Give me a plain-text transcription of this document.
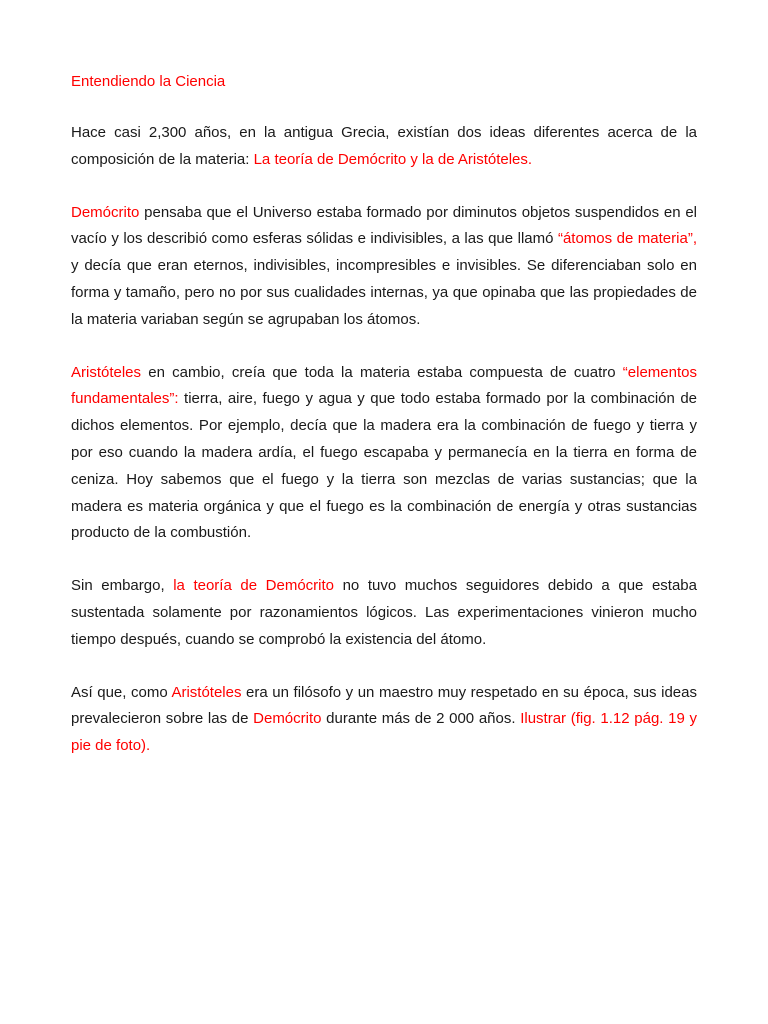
Entendiendo la Ciencia

Hace casi 2,300 años, en la antigua Grecia, existían dos ideas diferentes acerca de la composición de la materia: La teoría de Demócrito y la de Aristóteles.

Demócrito pensaba que el Universo estaba formado por diminutos objetos suspendidos en el vacío y los describió como esferas sólidas e indivisibles, a las que llamó “átomos de materia”, y decía que eran eternos, indivisibles, incompresibles e invisibles. Se diferenciaban solo en forma y tamaño, pero no por sus cualidades internas, ya que opinaba que las propiedades de la materia variaban según se agrupaban los átomos.

Aristóteles en cambio, creía que toda la materia estaba compuesta de cuatro “elementos fundamentales”: tierra, aire, fuego y agua y que todo estaba formado por la combinación de dichos elementos. Por ejemplo, decía que la madera era la combinación de fuego y tierra y por eso cuando la madera ardía, el fuego escapaba y permanecía en la tierra en forma de ceniza. Hoy sabemos que el fuego y la tierra son mezclas de varias sustancias; que la madera es materia orgánica y que el fuego es la combinación de energía y otras sustancias producto de la combustión.

Sin embargo, la teoría de Demócrito no tuvo muchos seguidores debido a que estaba sustentada solamente por razonamientos lógicos. Las experimentaciones vinieron mucho tiempo después, cuando se comprobó la existencia del átomo.

Así que, como Aristóteles era un filósofo y un maestro muy respetado en su época, sus ideas prevalecieron sobre las de Demócrito durante más de 2 000 años. Ilustrar (fig. 1.12 pág. 19 y pie de foto).
